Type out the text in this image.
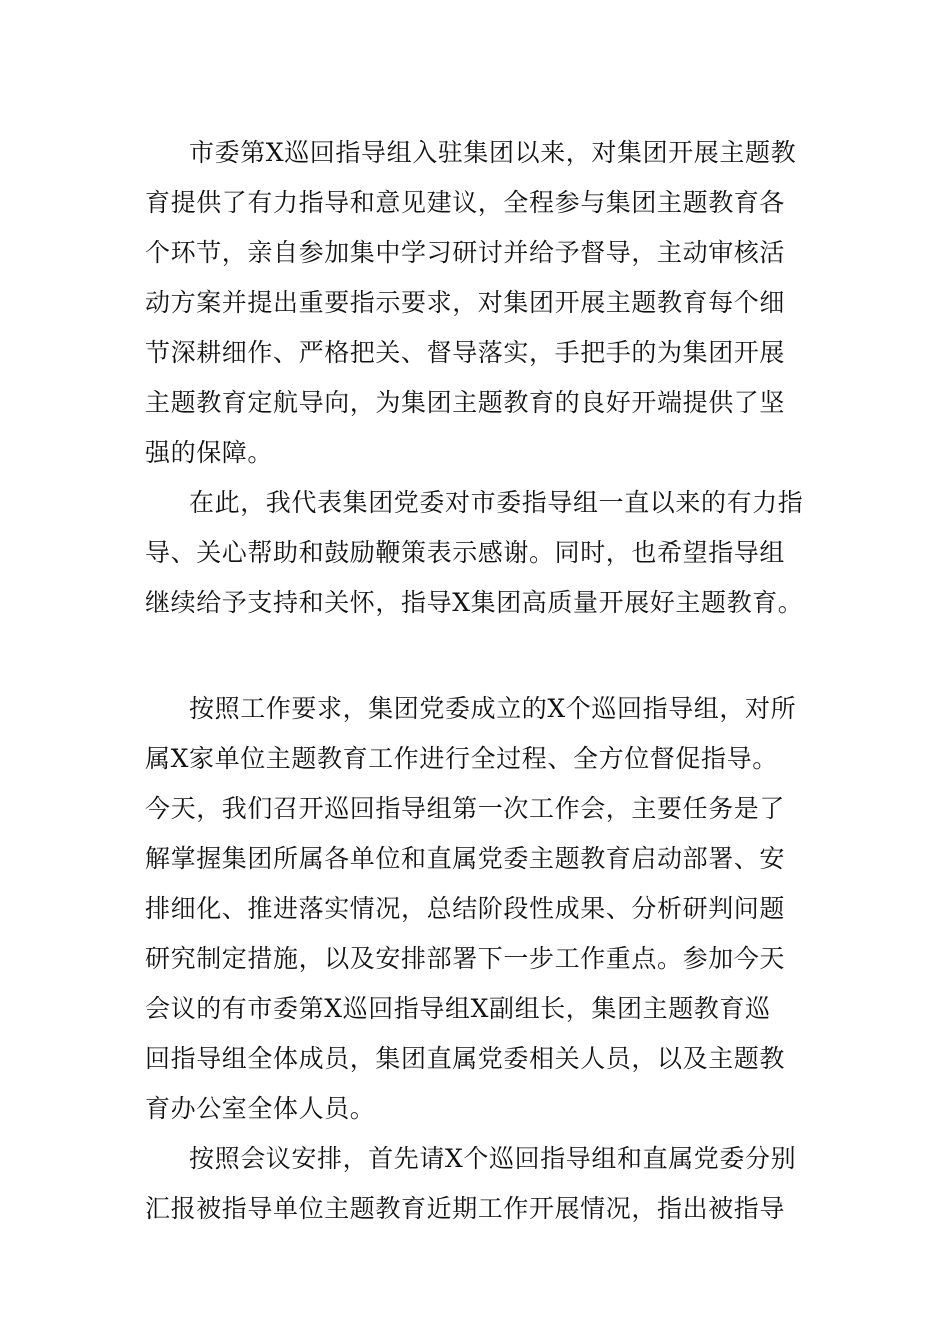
市委第X巡回指导组入驻集团以来，对集团开展主题教
育提供了有力指导和意见建议，全程参与集团主题教育各
个环节，亲自参加集中学习研讨并给予督导，主动审核活
动方案并提出重要指示要求，对集团开展主题教育每个细
节深耕细作、严格把关、督导落实，手把手的为集团开展
主题教育定航导向，为集团主题教育的良好开端提供了坚
强的保障。
在此，我代表集团党委对市委指导组一直以来的有力指
导、关心帮助和鼓励鞭策表示感谢。同时，也希望指导组
继续给予支持和关怀，指导X集团高质量开展好主题教育。
按照工作要求，集团党委成立的X个巡回指导组，对所
属X家单位主题教育工作进行全过程、全方位督促指导。
今天，我们召开巡回指导组第一次工作会，主要任务是了
解掌握集团所属各单位和直属党委主题教育启动部署、安
排细化、推进落实情况，总结阶段性成果、分析研判问题
研究制定措施，以及安排部署下一步工作重点。参加今天
会议的有市委第X巡回指导组X副组长，集团主题教育巡
回指导组全体成员，集团直属党委相关人员，以及主题教
育办公室全体人员。
按照会议安排，首先请X个巡回指导组和直属党委分别
汇报被指导单位主题教育近期工作开展情况，指出被指导
